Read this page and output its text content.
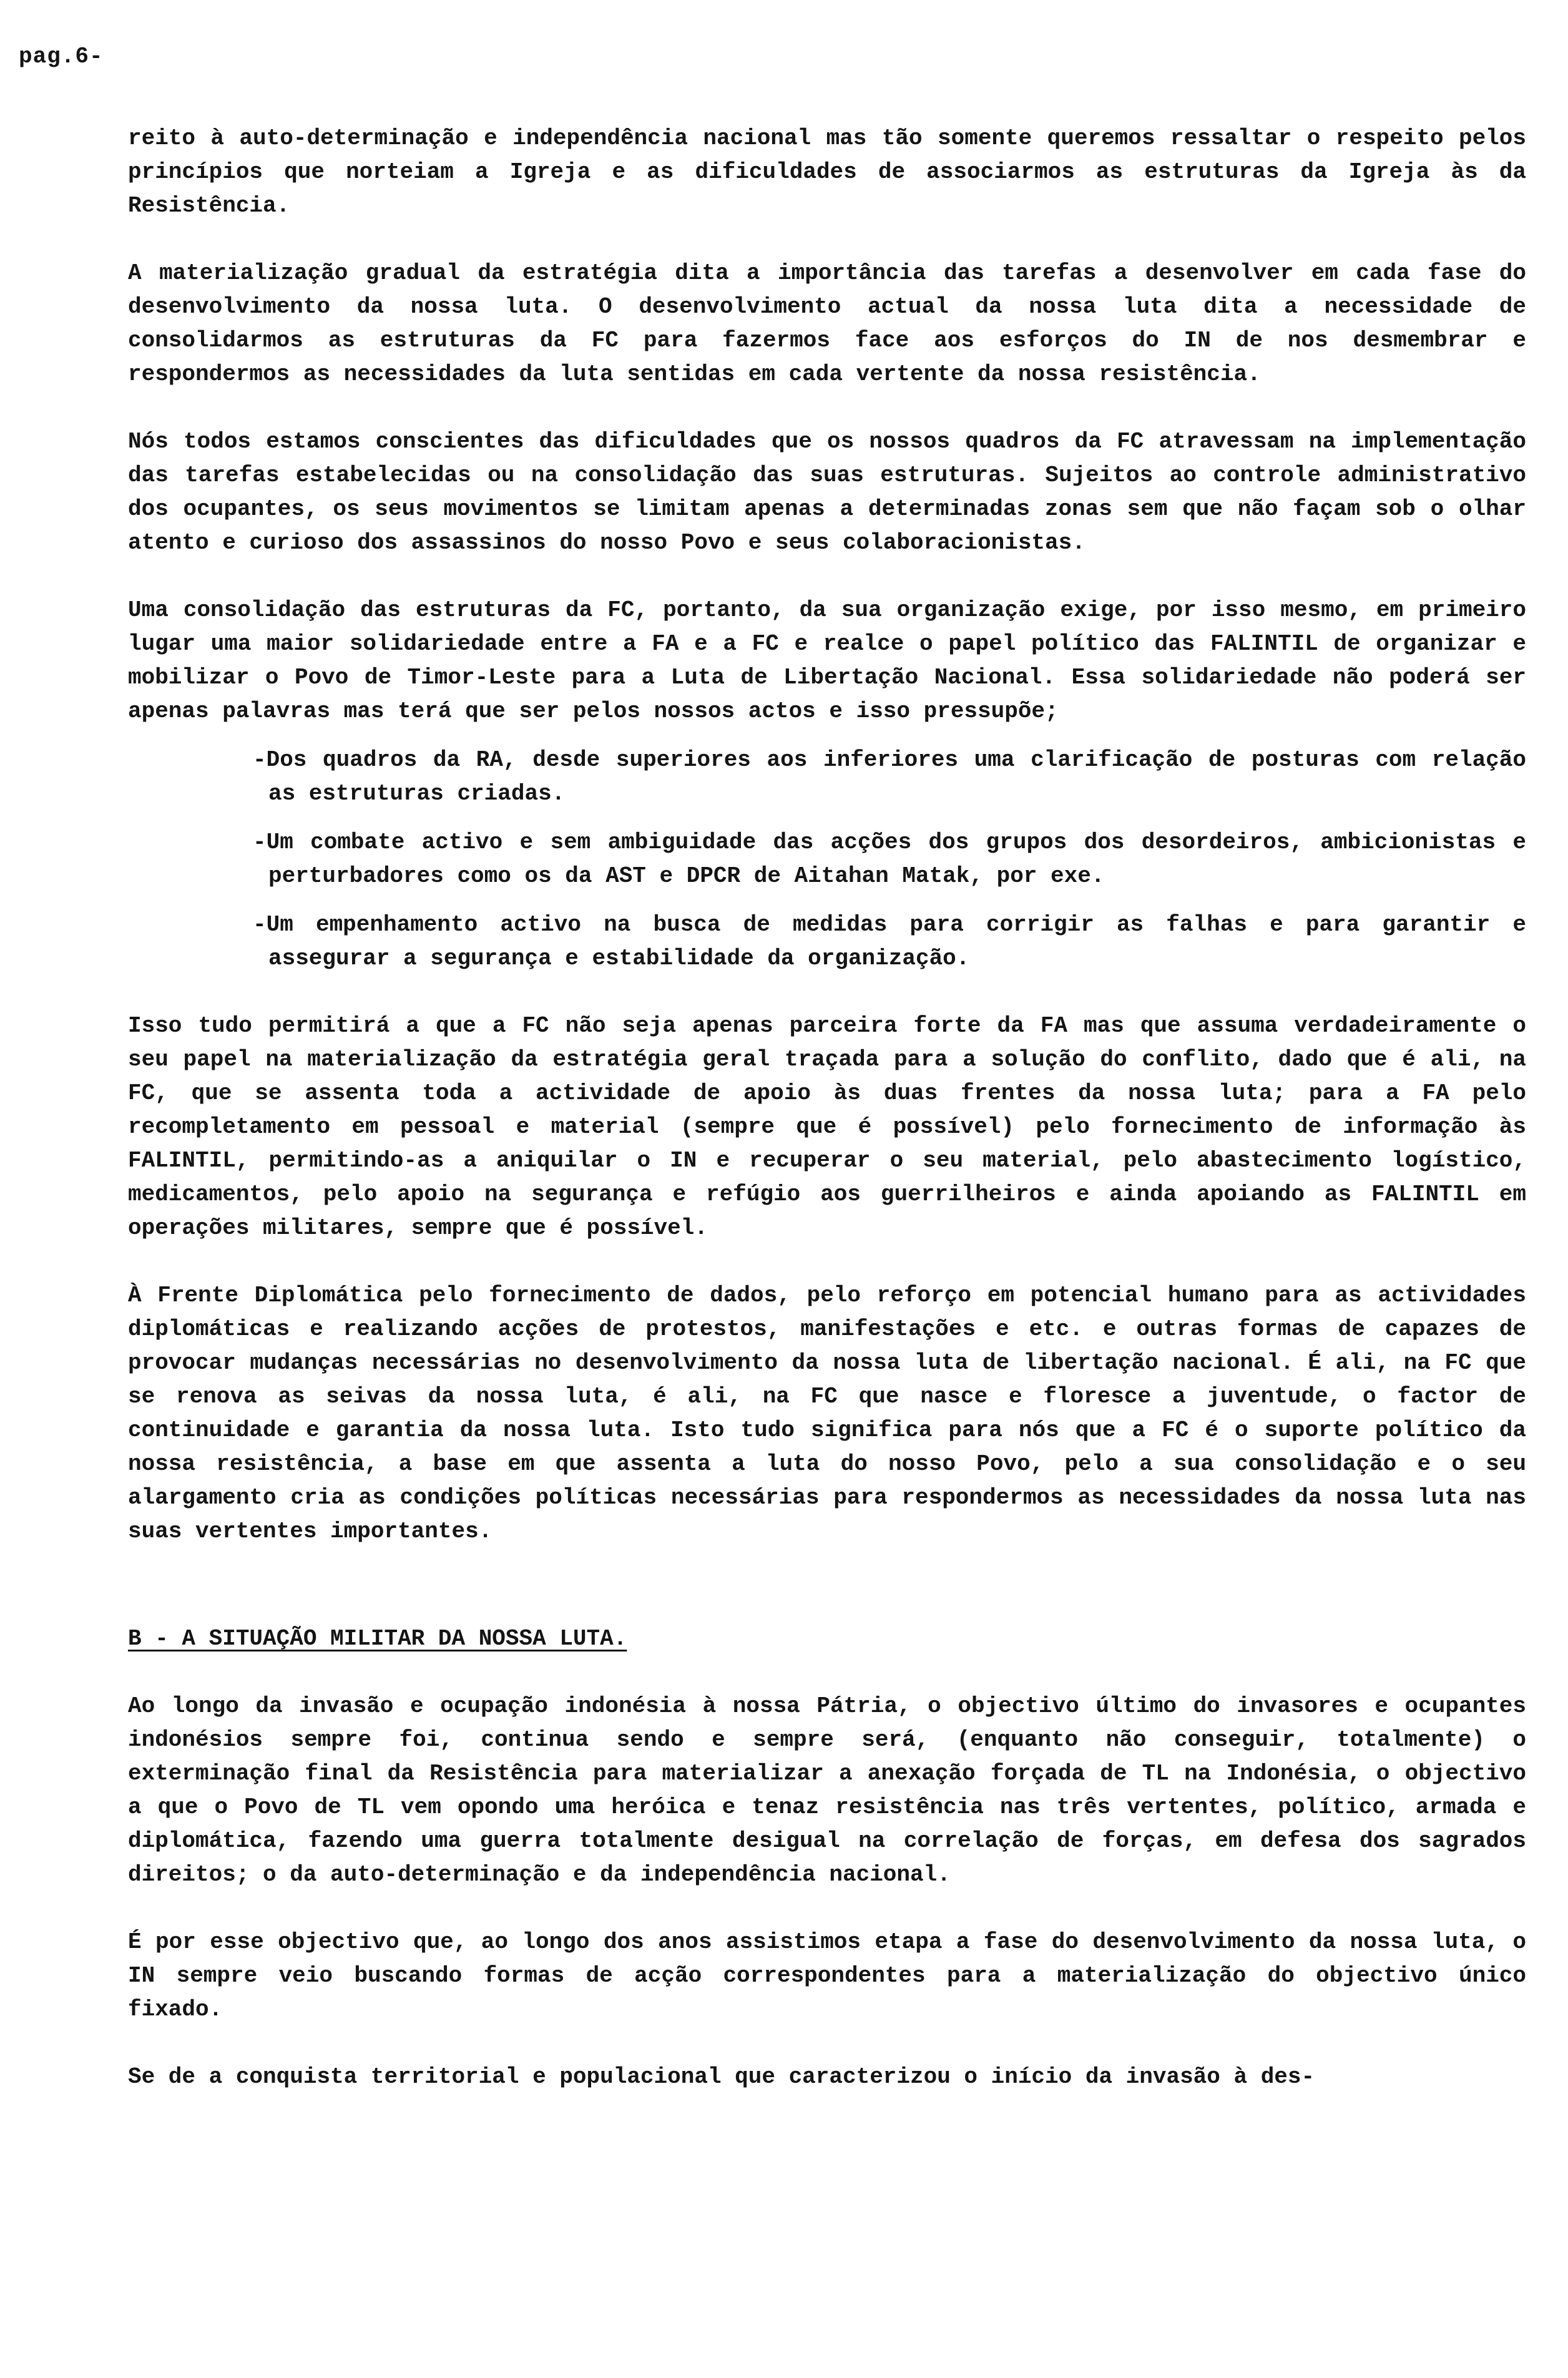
pag.6-

reito à auto-determinação e independência nacional mas tão somente queremos ressaltar o respeito pelos princípios que norteiam a Igreja e as dificuldades de associarmos as estruturas da Igreja às da Resistência.

A materialização gradual da estratégia dita a importância das tarefas a desenvolver em cada fase do desenvolvimento da nossa luta. O desenvolvimento actual da nossa luta dita a necessidade de consolidarmos as estruturas da FC para fazermos face aos esforços do IN de nos desmembrar e respondermos as necessidades da luta sentidas em cada vertente da nossa resistência.

Nós todos estamos conscientes das dificuldades que os nossos quadros da FC atravessam na implementação das tarefas estabelecidas ou na consolidação das suas estruturas. Sujeitos ao controle administrativo dos ocupantes, os seus movimentos se limitam apenas a determinadas zonas sem que não façam sob o olhar atento e curioso dos assassinos do nosso Povo e seus colaboracionistas.

Uma consolidação das estruturas da FC, portanto, da sua organização exige, por isso mesmo, em primeiro lugar uma maior solidariedade entre a FA e a FC e realce o papel político das FALINTIL de organizar e mobilizar o Povo de Timor-Leste para a Luta de Libertação Nacional. Essa solidariedade não poderá ser apenas palavras mas terá que ser pelos nossos actos e isso pressupõe;

-Dos quadros da RA, desde superiores aos inferiores uma clarificação de posturas com relação as estruturas criadas.
-Um combate activo e sem ambiguidade das acções dos grupos dos desordeiros, ambicionistas e perturbadores como os da AST e DPCR de Aitahan Matak, por exe.
-Um empenhamento activo na busca de medidas para corrigir as falhas e para garantir e assegurar a segurança e estabilidade da organização.

Isso tudo permitirá a que a FC não seja apenas parceira forte da FA mas que assuma verdadeiramente o seu papel na materialização da estratégia geral traçada para a solução do conflito, dado que é ali, na FC, que se assenta toda a actividade de apoio às duas frentes da nossa luta; para a FA pelo recompletamento em pessoal e material (sempre que é possível) pelo fornecimento de informação às FALINTIL, permitindo-as a aniquilar o IN e recuperar o seu material, pelo abastecimento logístico, medicamentos, pelo apoio na segurança e refúgio aos guerrilheiros e ainda apoiando as FALINTIL em operações militares, sempre que é possível.

À Frente Diplomática pelo fornecimento de dados, pelo reforço em potencial humano para as actividades diplomáticas e realizando acções de protestos, manifestações e etc. e outras formas de capazes de provocar mudanças necessárias no desenvolvimento da nossa luta de libertação nacional. É ali, na FC que se renova as seivas da nossa luta, é ali, na FC que nasce e floresce a juventude, o factor de continuidade e garantia da nossa luta. Isto tudo significa para nós que a FC é o suporte político da nossa resistência, a base em que assenta a luta do nosso Povo, pelo a sua consolidação e o seu alargamento cria as condições políticas necessárias para respondermos as necessidades da nossa luta nas suas vertentes importantes.

B - A SITUAÇÃO MILITAR DA NOSSA LUTA.

Ao longo da invasão e ocupação indonésia à nossa Pátria, o objectivo último do invasores e ocupantes indonésios sempre foi, continua sendo e sempre será, (enquanto não conseguir, totalmente) o exterminação final da Resistência para materializar a anexação forçada de TL na Indonésia, o objectivo a que o Povo de TL vem opondo uma heróica e tenaz resistência nas três vertentes, político, armada e diplomática, fazendo uma guerra totalmente desigual na correlação de forças, em defesa dos sagrados direitos; o da auto-determinação e da independência nacional.

É por esse objectivo que, ao longo dos anos assistimos etapa a fase do desenvolvimento da nossa luta, o IN sempre veio buscando formas de acção correspondentes para a materialização do objectivo único fixado.

Se de a conquista territorial e populacional que caracterizou o início da invasão à des-
